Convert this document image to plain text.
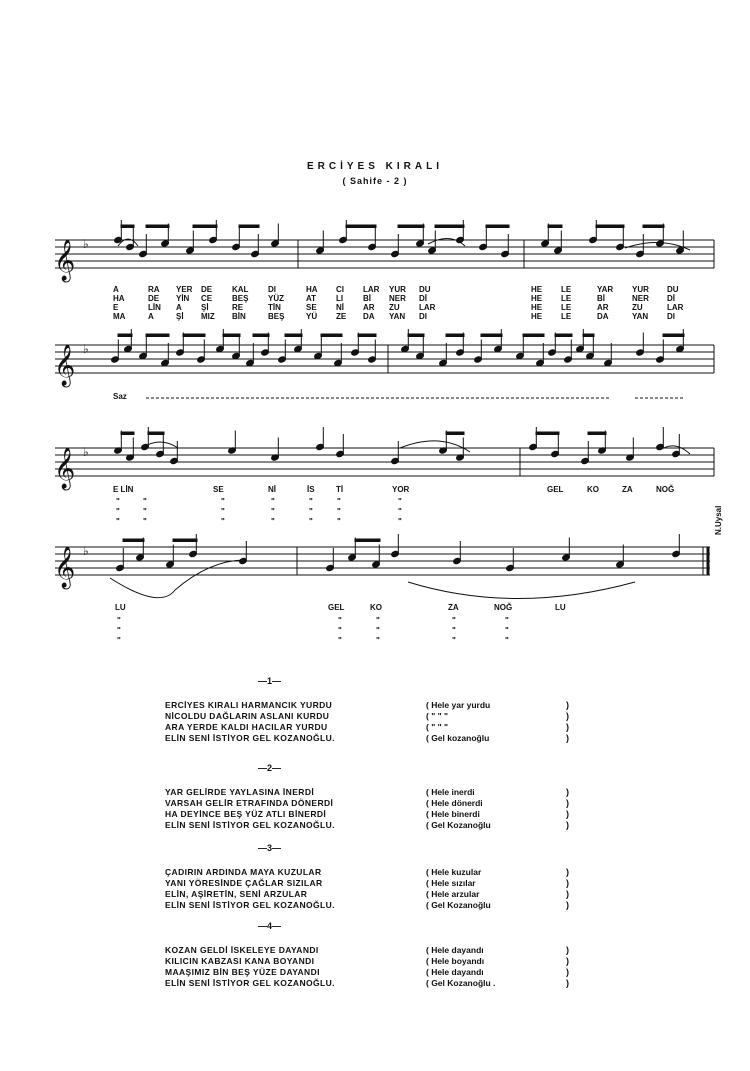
ERCİYES KIRALI
( Sahife - 2 )
𝄞
𝄞
𝄞
𝄞
♭
♭
♭
♭
A	RA YER DE KAL DI	HA CI LAR YUR DU	HE LE	YAR YUR DU
HA	DE YİN CE BEŞ YÜZ	AT LI Bİ NER Dİ	HE LE	Bİ	NER Dİ
E	LİN A Şİ	RE	TİN	SE Nİ AR ZU LAR	HE LE	AR	ZU	LAR
MA	A	Şİ MIZ BİN	BEŞ	YÜ ZE DA YAN DI	HE LE	DA	YAN DI
Saz
E LİN	SE	Nİ	İS	Tİ	YOR	GEL	KO	ZA	NOĞ
"	"	"	"	"	"	"
"	"	"	"	"	"	"
"	"	"	"	"	"	"
LU	GEL	KO	ZA	NOĞ	LU
"	"	"	"	"
"	"	"	"	"
"	"	"	"	"
N.Uysal
—1—
ERCİYES KIRALI HARMANCIK YURDU	( Hele yar yurdu	)
NİCOLDU DAĞLARIN ASLANI KURDU	( " " "	)
ARA YERDE KALDI HACILAR YURDU	( " " "	)
ELİN SENİ İSTİYOR GEL KOZANOĞLU.	( Gel kozanoğlu	)
—2—
YAR GELİRDE YAYLASINA İNERDİ	( Hele inerdi	)
VARSAH GELİR ETRAFINDA DÖNERDİ	( Hele dönerdi	)
HA DEYİNCE BEŞ YÜZ ATLI BİNERDİ	( Hele binerdi	)
ELİN SENİ İSTİYOR GEL KOZANOĞLU.	( Gel Kozanoğlu	)
—3—
ÇADIRIN ARDINDA MAYA KUZULAR	( Hele kuzular	)
YANI YÖRESİNDE ÇAĞLAR SIZILAR	( Hele sızılar	)
ELİN, AŞİRETİN, SENİ ARZULAR	( Hele arzular	)
ELİN SENİ İSTİYOR GEL KOZANOĞLU.	( Gel Kozanoğlu	)
—4—
KOZAN GELDİ İSKELEYE DAYANDI	( Hele dayandı	)
KILICIN KABZASI KANA BOYANDI	( Hele boyandı	)
MAAŞIMIZ BİN BEŞ YÜZE DAYANDI	( Hele dayandı	)
ELİN SENİ İSTİYOR GEL KOZANOĞLU.	( Gel Kozanoğlu .	)
